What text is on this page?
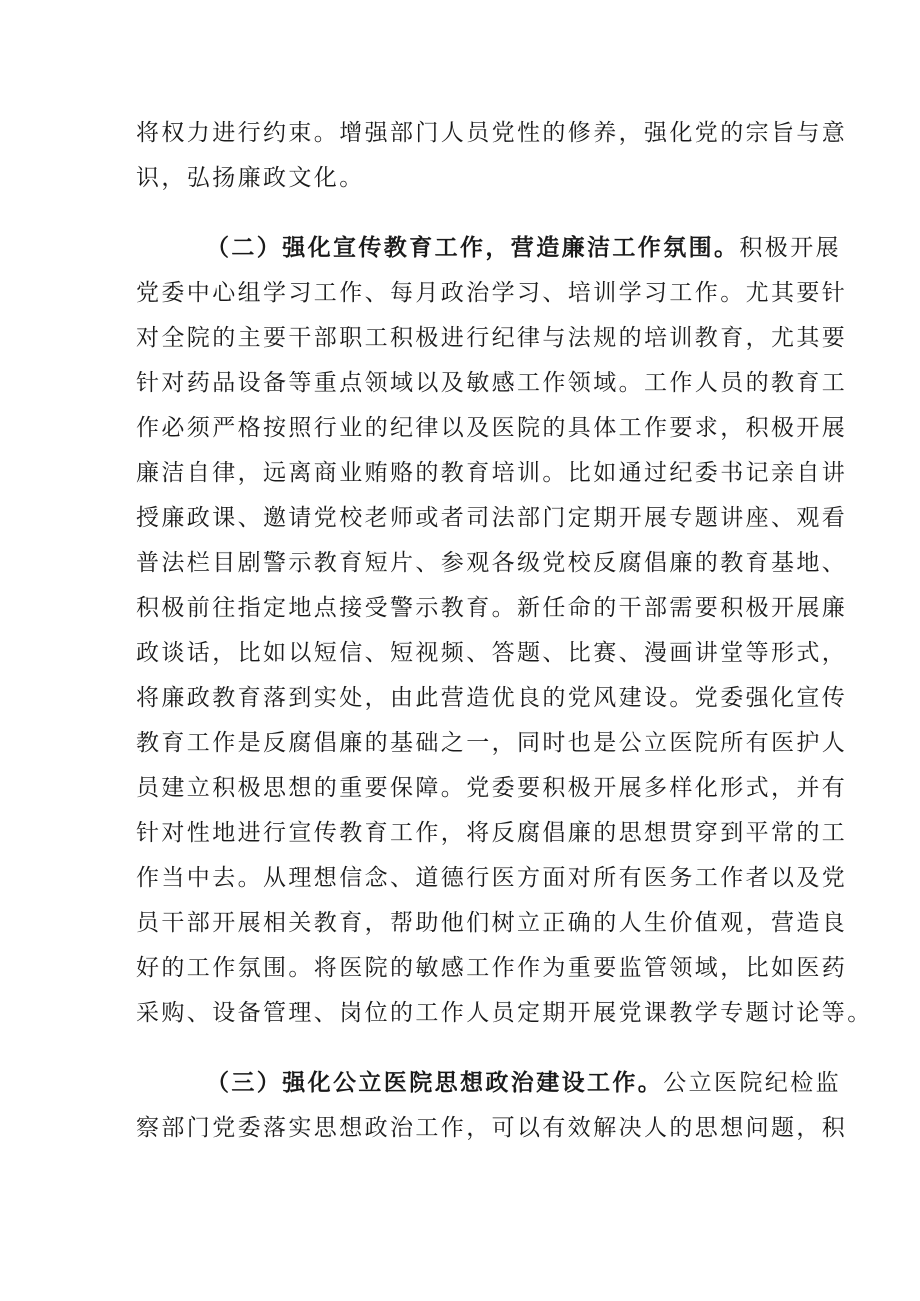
将权力进行约束。增强部门人员党性的修养，强化党的宗旨与意
识，弘扬廉政文化。
（二）强化宣传教育工作，营造廉洁工作氛围。积极开展
党委中心组学习工作、每月政治学习、培训学习工作。尤其要针
对全院的主要干部职工积极进行纪律与法规的培训教育，尤其要
针对药品设备等重点领域以及敏感工作领域。工作人员的教育工
作必须严格按照行业的纪律以及医院的具体工作要求，积极开展
廉洁自律，远离商业贿赂的教育培训。比如通过纪委书记亲自讲
授廉政课、邀请党校老师或者司法部门定期开展专题讲座、观看
普法栏目剧警示教育短片、参观各级党校反腐倡廉的教育基地、
积极前往指定地点接受警示教育。新任命的干部需要积极开展廉
政谈话，比如以短信、短视频、答题、比赛、漫画讲堂等形式，
将廉政教育落到实处，由此营造优良的党风建设。党委强化宣传
教育工作是反腐倡廉的基础之一，同时也是公立医院所有医护人
员建立积极思想的重要保障。党委要积极开展多样化形式，并有
针对性地进行宣传教育工作，将反腐倡廉的思想贯穿到平常的工
作当中去。从理想信念、道德行医方面对所有医务工作者以及党
员干部开展相关教育，帮助他们树立正确的人生价值观，营造良
好的工作氛围。将医院的敏感工作作为重要监管领域，比如医药
采购、设备管理、岗位的工作人员定期开展党课教学专题讨论等。
（三）强化公立医院思想政治建设工作。公立医院纪检监
察部门党委落实思想政治工作，可以有效解决人的思想问题，积
